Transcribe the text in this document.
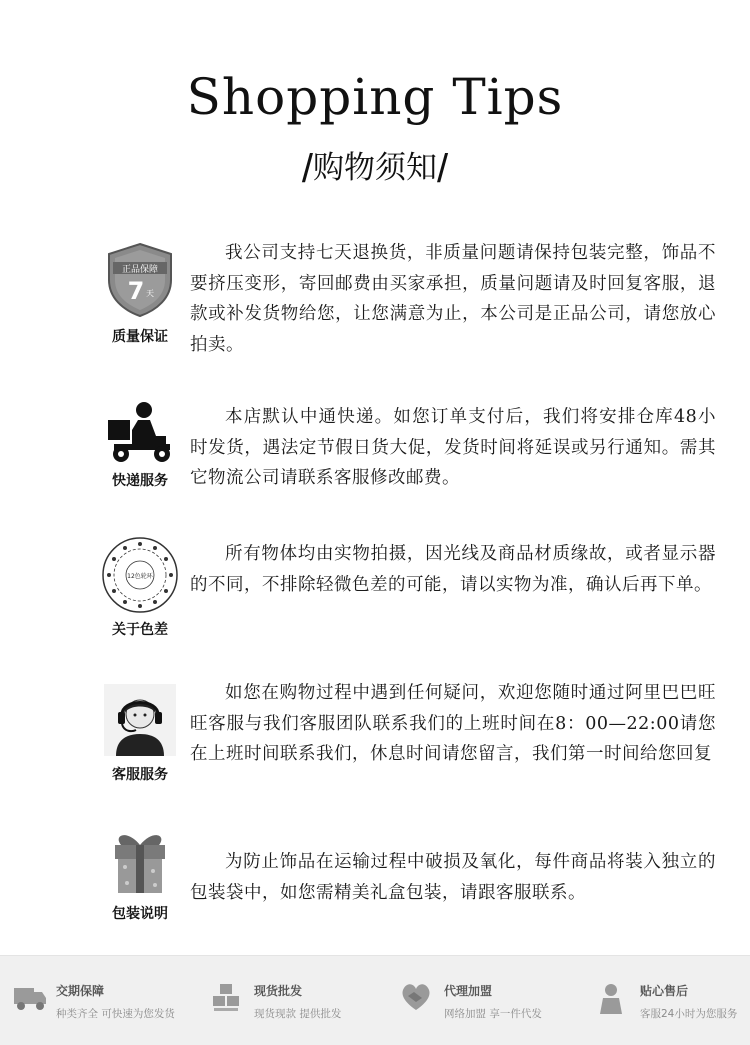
Shopping Tips
/购物须知/
正品保障
7 天
质量保证
我公司支持七天退换货，非质量问题请保持包装完整，饰品不要挤压变形，寄回邮费由买家承担，质量问题请及时回复客服，退款或补发货物给您，让您满意为止，本公司是正品公司，请您放心拍卖。
快递服务
本店默认中通快递。如您订单支付后，我们将安排仓库48小时发货，遇法定节假日货大促，发货时间将延误或另行通知。需其它物流公司请联系客服修改邮费。
12色轮环
关于色差
所有物体均由实物拍摄，因光线及商品材质缘故，或者显示器的不同，不排除轻微色差的可能，请以实物为准，确认后再下单。
客服服务
如您在购物过程中遇到任何疑问，欢迎您随时通过阿里巴巴旺旺客服与我们客服团队联系我们的上班时间在8：00—22:00请您在上班时间联系我们，休息时间请您留言，我们第一时间给您回复
包装说明
为防止饰品在运输过程中破损及氧化，每件商品将装入独立的包装袋中，如您需精美礼盒包装，请跟客服联系。
交期保障
种类齐全 可快速为您发货
现货批发
现货现款 提供批发
代理加盟
网络加盟 享一件代发
贴心售后
客服24小时为您服务
